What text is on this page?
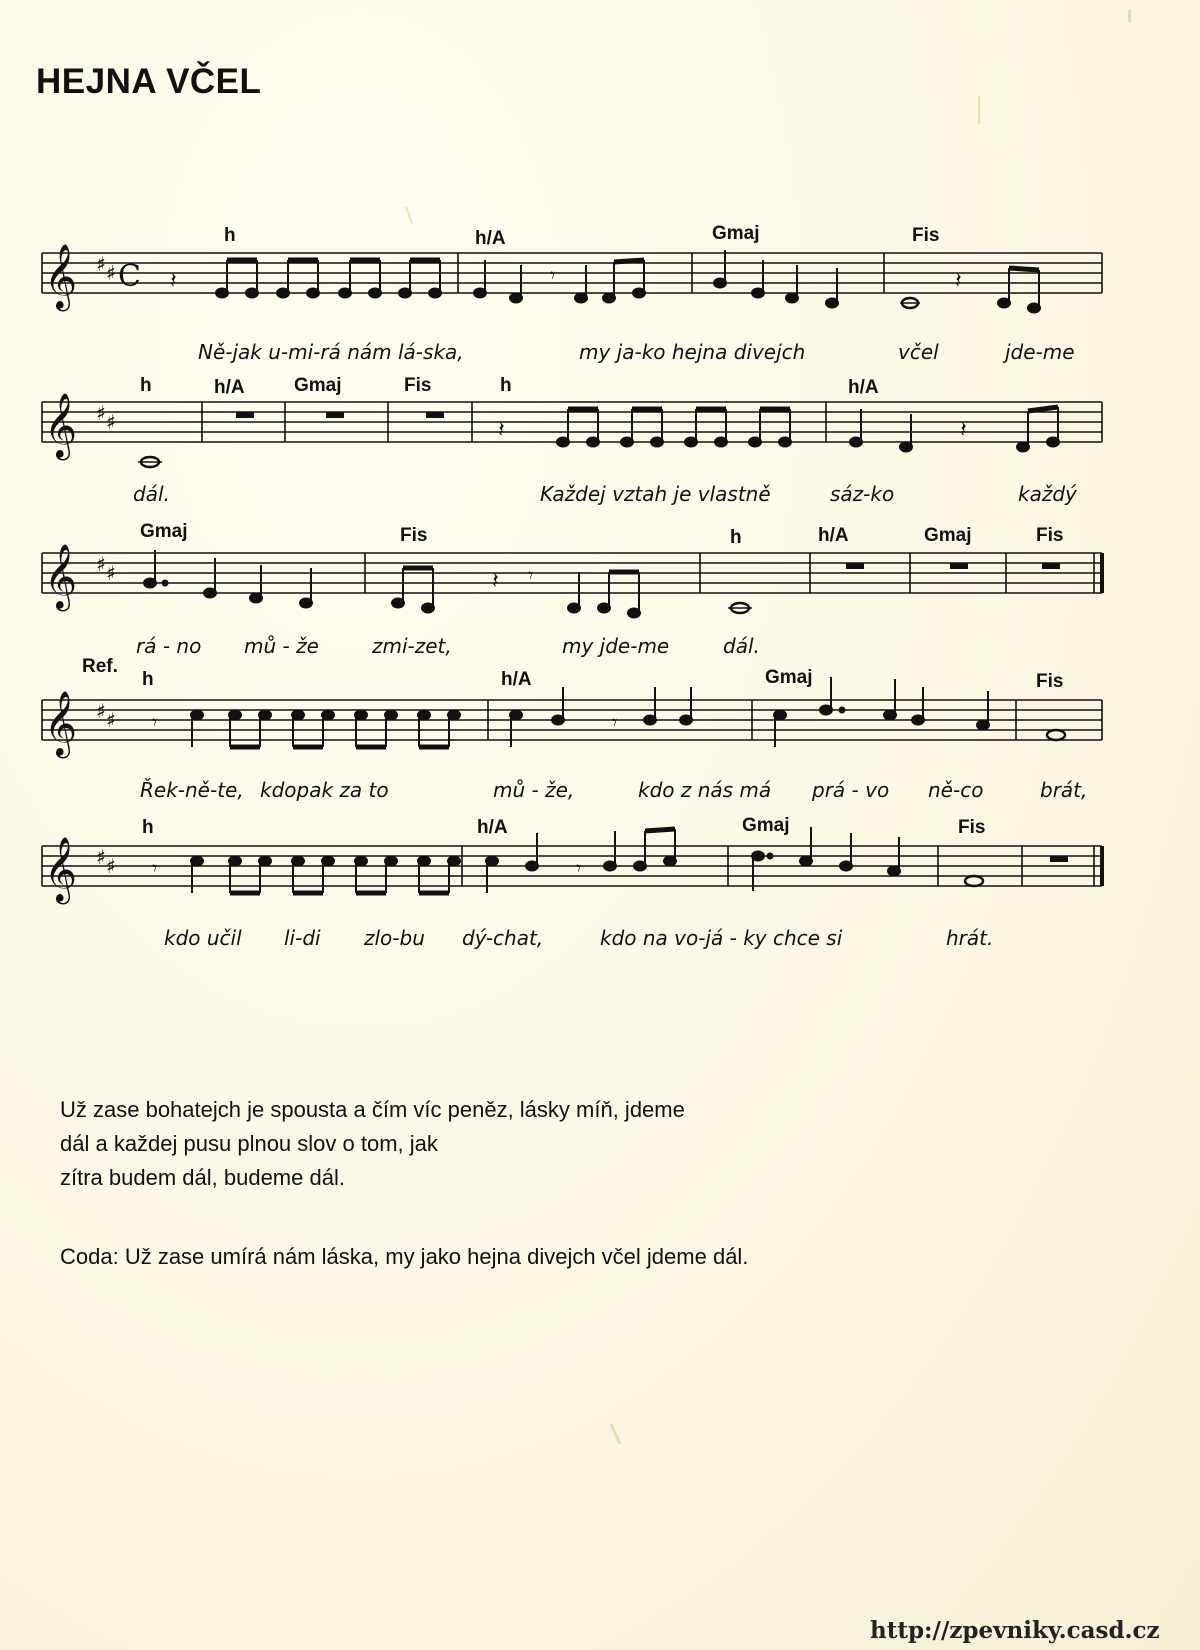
HEJNA VČEL
Ref.
h	h/A	Gmaj	Fis
𝄞 ♯ ♯ C 𝄽	𝄽
𝄾
Ně-jak u-mi-rá nám lá-ska,	my ja-ko hejna divejch	včel	jde-me
h	h/A	Gmaj	Fis	h	h/A
𝄞 ♯ ♯	𝄽	𝄽
dál.	Každej vztah je vlastně	sáz-ko	každý
Gmaj	Fis	h	h/A	Gmaj	Fis
𝄞 ♯ ♯	𝄽 𝄾
rá - no mů - že	zmi-zet,	my jde-me	dál.
h	h/A	Gmaj	Fis
𝄞 ♯ ♯ 𝄾	𝄾
Řek-ně-te, kdopak za to	mů - že,	kdo z nás má prá - vo ně-co	brát,
h	h/A	Gmaj	Fis
𝄞 ♯ ♯ 𝄾	𝄾
kdo učil li-di zlo-bu dý-chat,	kdo na vo-já - ky chce si	hrát.
Už zase bohatejch je spousta a čím víc peněz, lásky míň, jdeme
dál a každej pusu plnou slov o tom, jak
zítra budem dál, budeme dál.
Coda: Už zase umírá nám láska, my jako hejna divejch včel jdeme dál.
http://zpevniky.casd.cz
